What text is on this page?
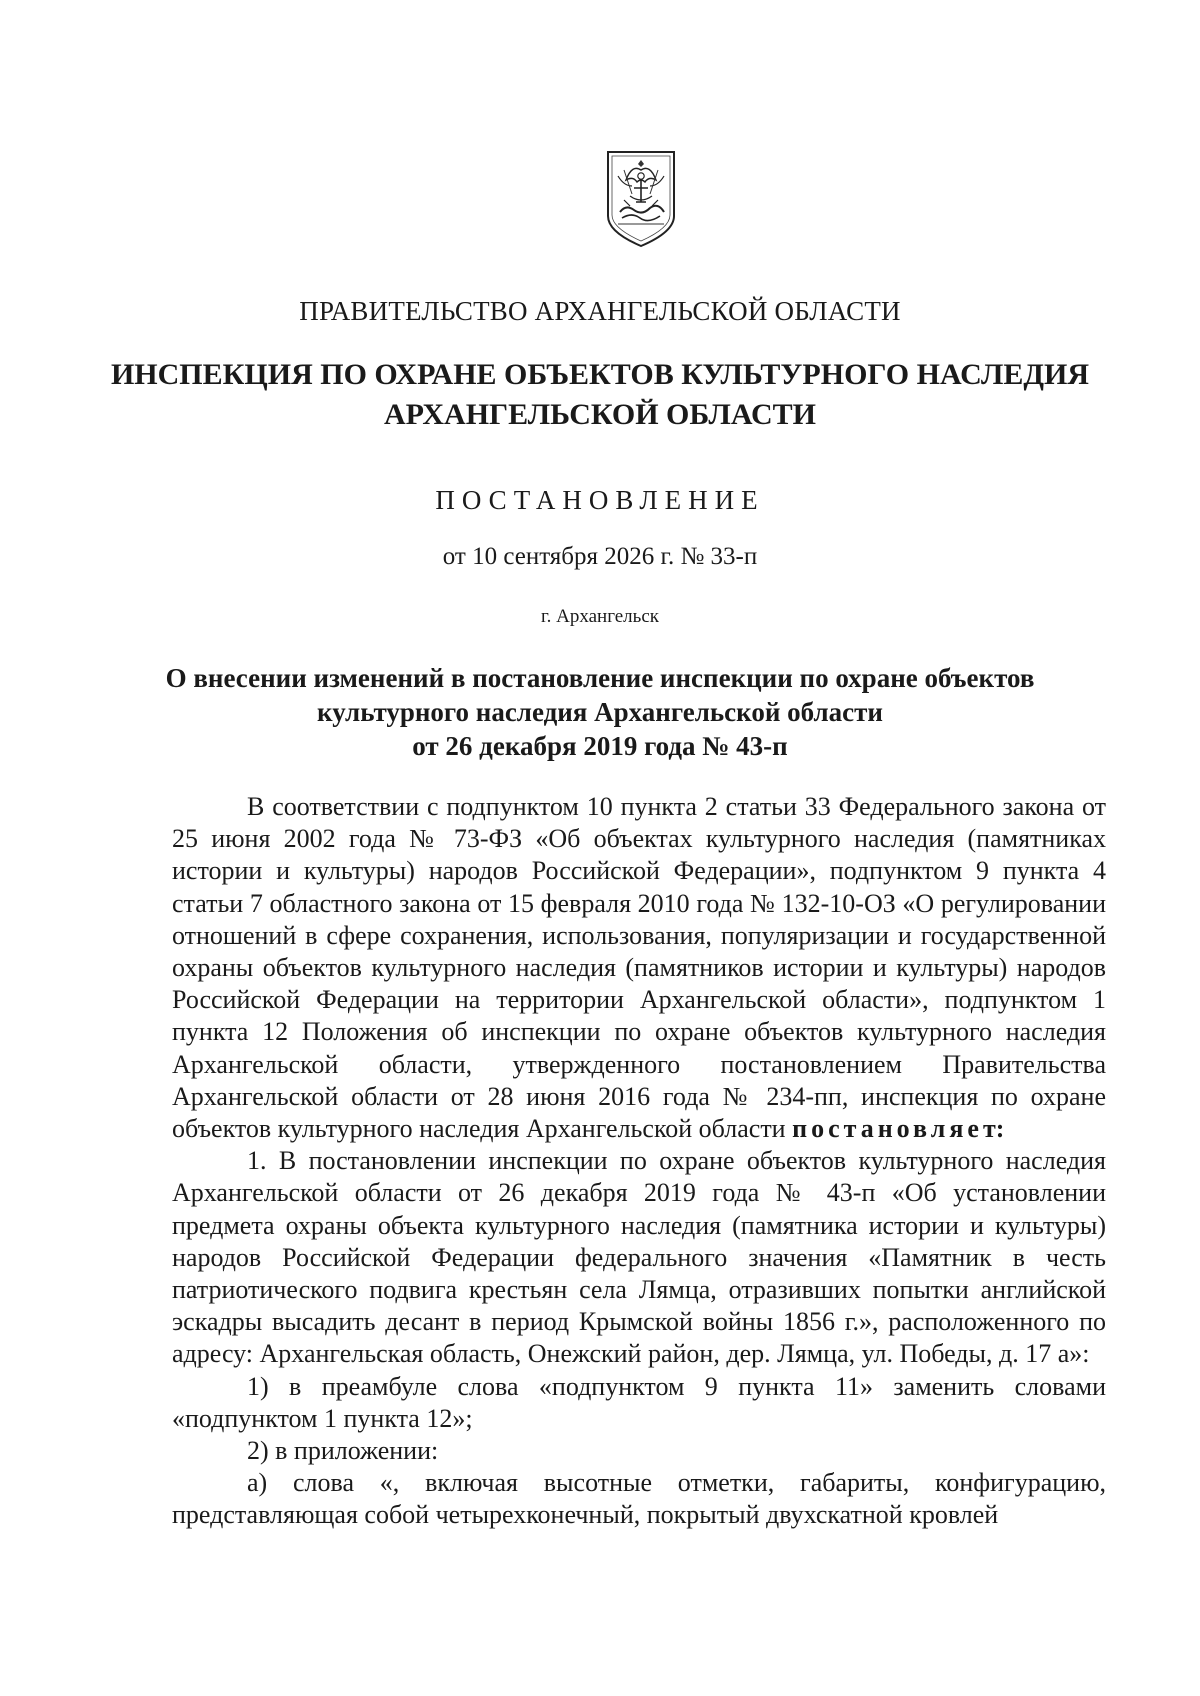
ПРАВИТЕЛЬСТВО АРХАНГЕЛЬСКОЙ ОБЛАСТИ
ИНСПЕКЦИЯ ПО ОХРАНЕ ОБЪЕКТОВ КУЛЬТУРНОГО НАСЛЕДИЯ
АРХАНГЕЛЬСКОЙ ОБЛАСТИ
ПОСТАНОВЛЕНИЕ
от 10 сентября 2026 г. № 33-п
г. Архангельск
О внесении изменений в постановление инспекции по охране объектов
культурного наследия Архангельской области
от 26 декабря 2019 года № 43-п

В соответствии с подпунктом 10 пункта 2 статьи 33 Федерального закона от 25 июня 2002 года № 73-ФЗ «Об объектах культурного наследия (памятниках истории и культуры) народов Российской Федерации», подпунктом 9 пункта 4 статьи 7 областного закона от 15 февраля 2010 года № 132-10-ОЗ «О регулировании отношений в сфере сохранения, использования, популяризации и государственной охраны объектов культурного наследия (памятников истории и культуры) народов Российской Федерации на территории Архангельской области», подпунктом 1 пункта 12 Положения об инспекции по охране объектов культурного наследия Архангельской области, утвержденного постановлением Правительства Архангельской области от 28 июня 2016 года № 234-пп, инспекция по охране объектов культурного наследия Архангельской области постановляет:

1. В постановлении инспекции по охране объектов культурного наследия Архангельской области от 26 декабря 2019 года № 43-п «Об установлении предмета охраны объекта культурного наследия (памятника истории и культуры) народов Российской Федерации федерального значения «Памятник в честь патриотического подвига крестьян села Лямца, отразивших попытки английской эскадры высадить десант в период Крымской войны 1856 г.», расположенного по адресу: Архангельская область, Онежский район, дер. Лямца, ул. Победы, д. 17 а»:

1) в преамбуле слова «подпунктом 9 пункта 11» заменить словами «подпунктом 1 пункта 12»;

2) в приложении:

а) слова «, включая высотные отметки, габариты, конфигурацию, представляющая собой четырехконечный, покрытый двухскатной кровлей
